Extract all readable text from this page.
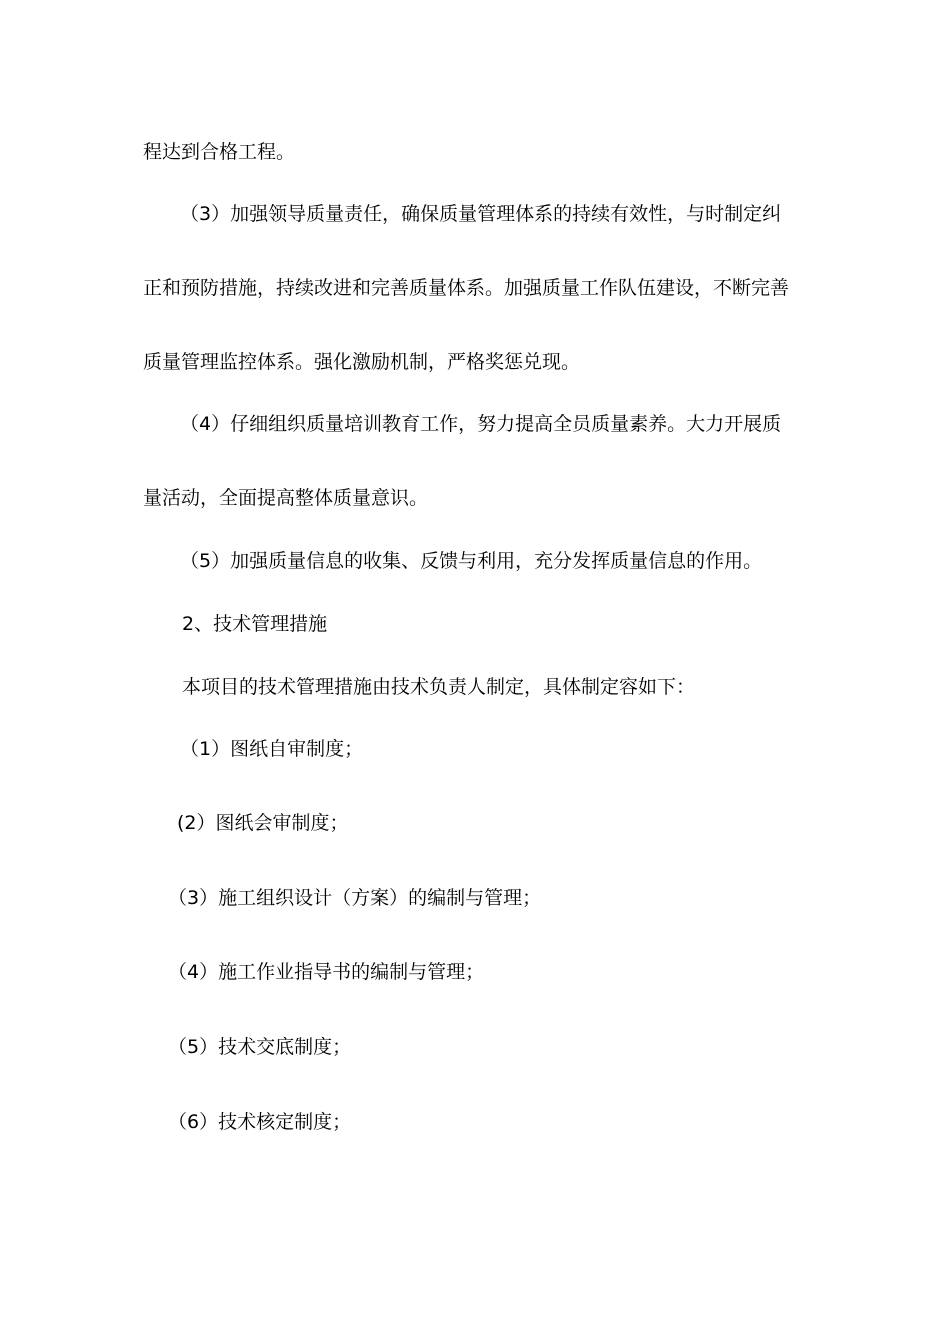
程达到合格工程。
（3）加强领导质量责任，确保质量管理体系的持续有效性，与时制定纠
正和预防措施，持续改进和完善质量体系。加强质量工作队伍建设，不断完善
质量管理监控体系。强化激励机制，严格奖惩兑现。
（4）仔细组织质量培训教育工作，努力提高全员质量素养。大力开展质
量活动，全面提高整体质量意识。
（5）加强质量信息的收集、反馈与利用，充分发挥质量信息的作用。
2、技术管理措施
本项目的技术管理措施由技术负责人制定，具体制定容如下：
（1）图纸自审制度；
(2）图纸会审制度；
（3）施工组织设计（方案）的编制与管理；
（4）施工作业指导书的编制与管理；
（5）技术交底制度；
（6）技术核定制度；
